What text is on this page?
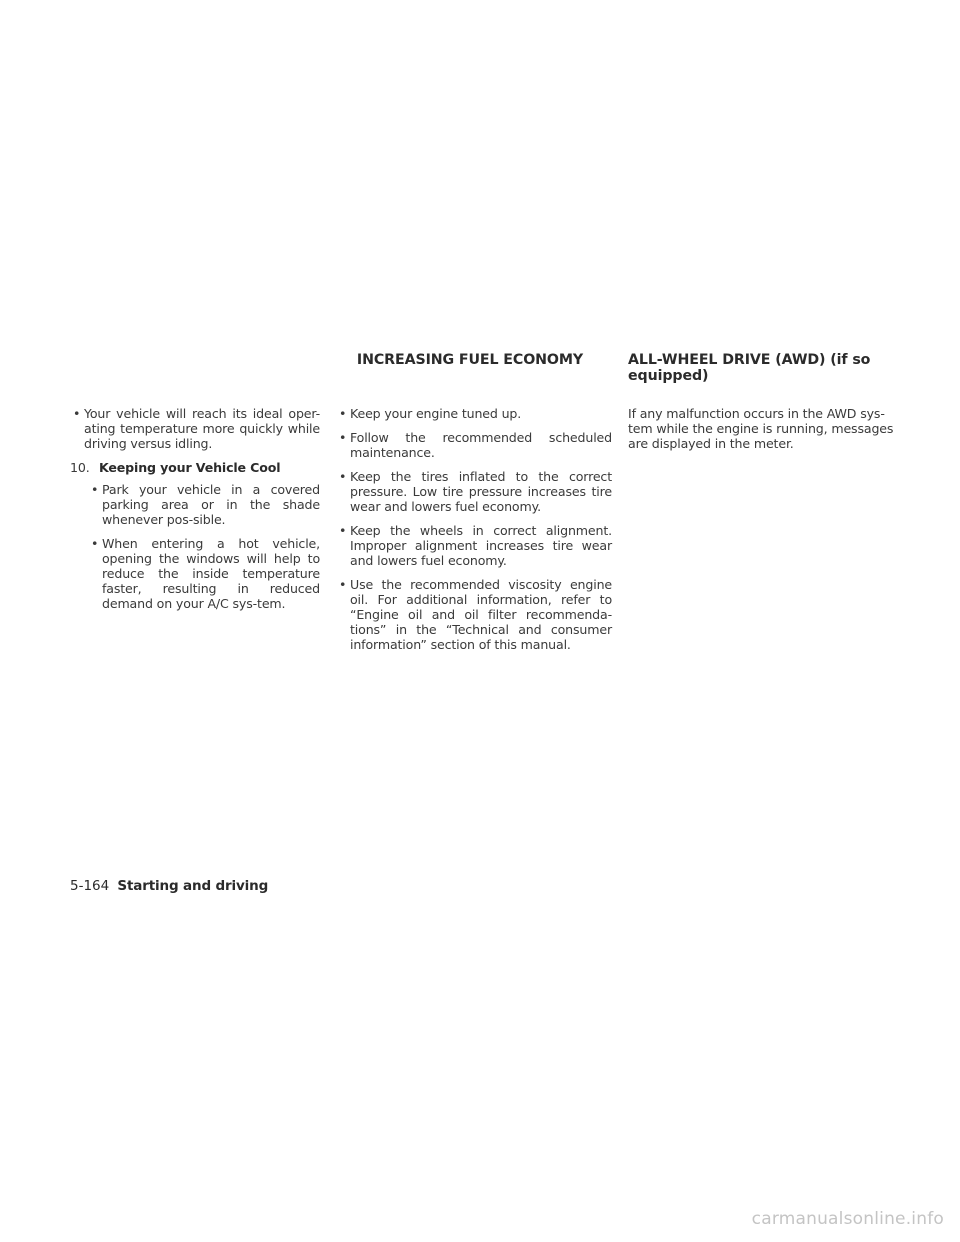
• Your vehicle will reach its ideal oper-ating temperature more quickly while driving versus idling.
10. Keeping your Vehicle Cool
• Park your vehicle in a covered parking area or in the shade whenever pos-sible.
• When entering a hot vehicle, opening the windows will help to reduce the inside temperature faster, resulting in reduced demand on your A/C sys-tem.
INCREASING FUEL ECONOMY
• Keep your engine tuned up.
• Follow the recommended scheduled maintenance.
• Keep the tires inflated to the correct pressure. Low tire pressure increases tire wear and lowers fuel economy.
• Keep the wheels in correct alignment. Improper alignment increases tire wear and lowers fuel economy.
• Use the recommended viscosity engine oil. For additional information, refer to “Engine oil and oil filter recommenda-tions” in the “Technical and consumer information” section of this manual.
ALL-WHEEL DRIVE (AWD) (if so equipped)
If any malfunction occurs in the AWD sys-tem while the engine is running, messages are displayed in the meter.
5-164 Starting and driving
carmanualsonline.info
